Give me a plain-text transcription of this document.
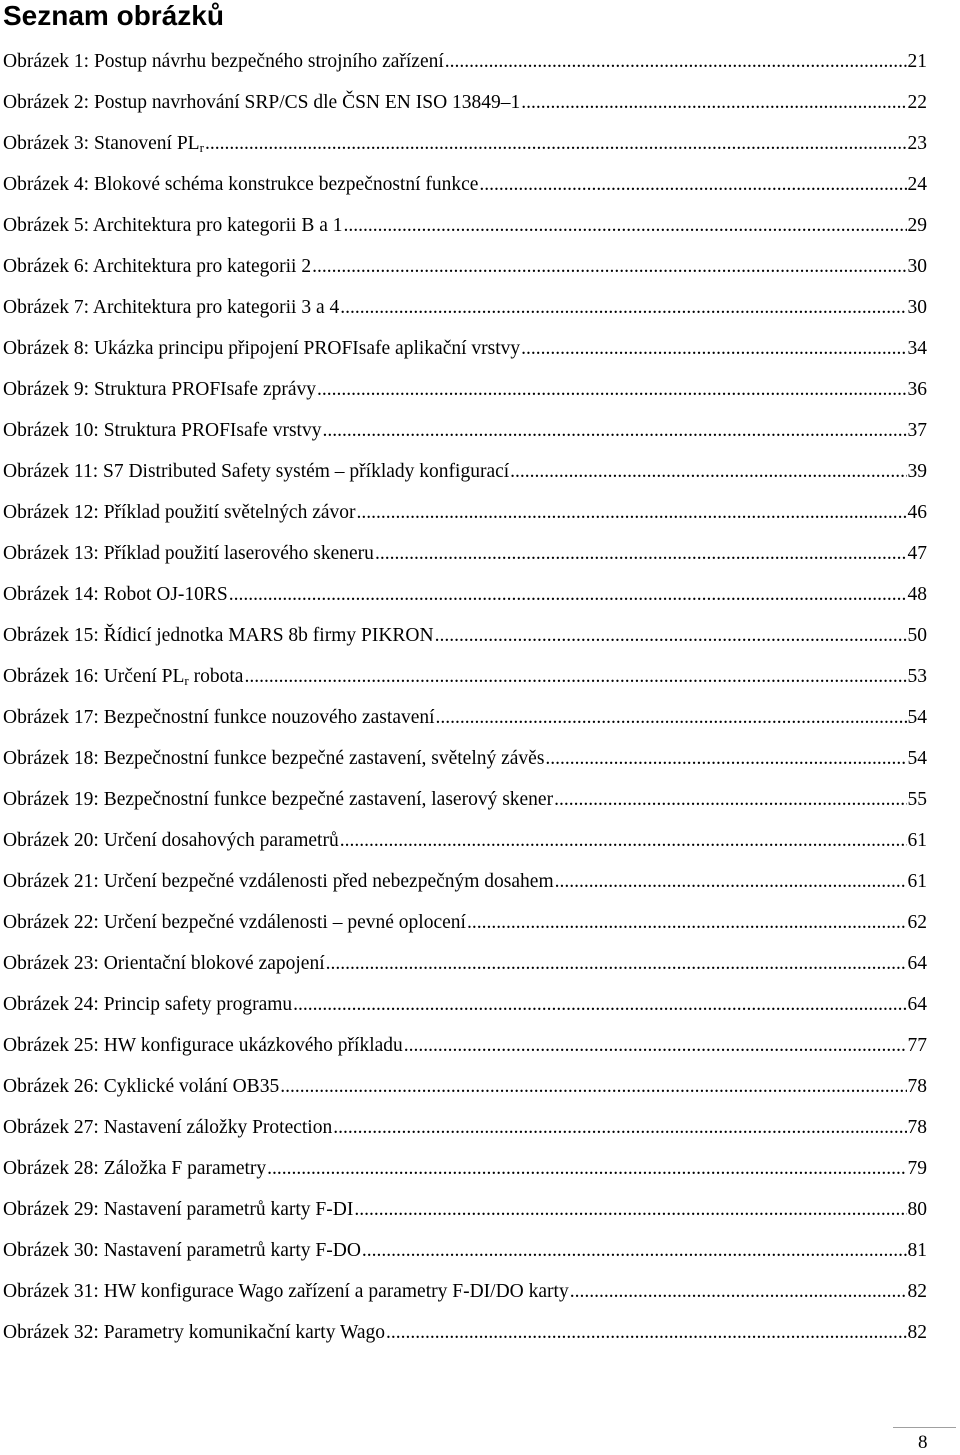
Seznam obrázků
Obrázek 1: Postup návrhu bezpečného strojního zařízení .....	21
Obrázek 2: Postup navrhování SRP/CS dle ČSN EN ISO 13849–1 .....	22
Obrázek 3: Stanovení $PL_r$ .....	23
Obrázek 4: Blokové schéma konstrukce bezpečnostní funkce .....	24
Obrázek 5: Architektura pro kategorii B a 1 .....	29
Obrázek 6: Architektura pro kategorii 2 .....	30
Obrázek 7: Architektura pro kategorii 3 a 4 .....	30
Obrázek 8: Ukázka principu připojení PROFIsafe aplikační vrstvy .....	34
Obrázek 9: Struktura PROFIsafe zprávy .....	36
Obrázek 10: Struktura PROFIsafe vrstvy .....	37
Obrázek 11: S7 Distributed Safety systém – příklady konfigurací .....	39
Obrázek 12: Příklad použití světelných závor .....	46
Obrázek 13: Příklad použití laserového skeneru .....	47
Obrázek 14: Robot OJ-10RS .....	48
Obrázek 15: Řídicí jednotka MARS 8b firmy PIKRON .....	50
Obrázek 16: Určení $PL_r$ robota .....	53
Obrázek 17: Bezpečnostní funkce nouzového zastavení .....	54
Obrázek 18: Bezpečnostní funkce bezpečné zastavení, světelný závěs .....	54
Obrázek 19: Bezpečnostní funkce bezpečné zastavení, laserový skener .....	55
Obrázek 20: Určení dosahových parametrů .....	61
Obrázek 21: Určení bezpečné vzdálenosti před nebezpečným dosahem .....	61
Obrázek 22: Určení bezpečné vzdálenosti – pevné oplocení .....	62
Obrázek 23: Orientační blokové zapojení .....	64
Obrázek 24: Princip safety programu .....	64
Obrázek 25: HW konfigurace ukázkového příkladu .....	77
Obrázek 26: Cyklické volání OB35 .....	78
Obrázek 27: Nastavení záložky Protection .....	78
Obrázek 28: Záložka F parametry .....	79
Obrázek 29: Nastavení parametrů karty F-DI .....	80
Obrázek 30: Nastavení parametrů karty F-DO .....	81
Obrázek 31: HW konfigurace Wago zařízení a parametry F-DI/DO karty .....	82
Obrázek 32: Parametry komunikační karty Wago .....	82
8
